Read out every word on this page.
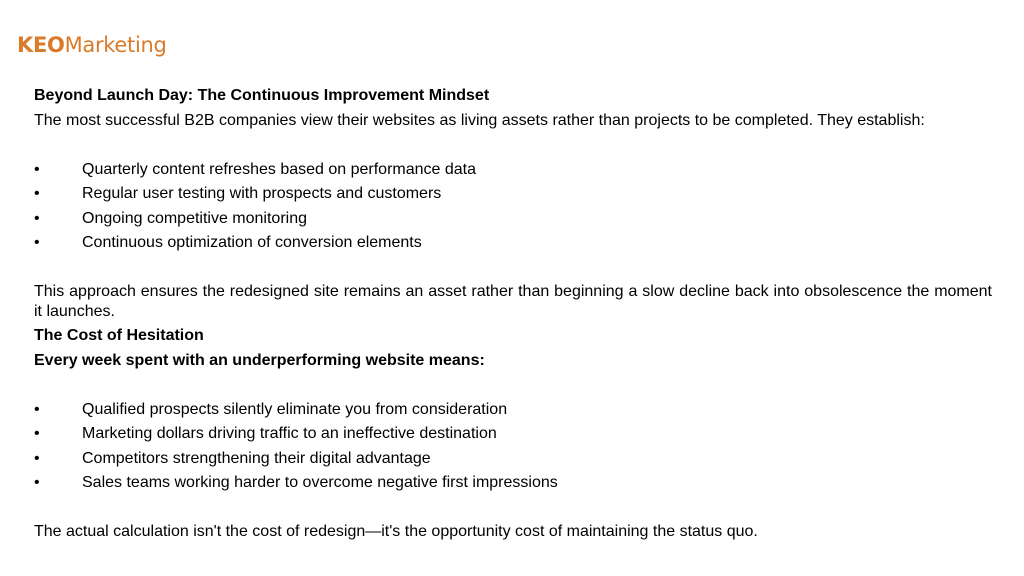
KEOMarketing

Beyond Launch Day: The Continuous Improvement Mindset

The most successful B2B companies view their websites as living assets rather than projects to be completed. They establish:

•	Quarterly content refreshes based on performance data
•	Regular user testing with prospects and customers
•	Ongoing competitive monitoring
•	Continuous optimization of conversion elements

This approach ensures the redesigned site remains an asset rather than beginning a slow decline back into obsolescence the moment it launches.

The Cost of Hesitation

Every week spent with an underperforming website means:

•	Qualified prospects silently eliminate you from consideration
•	Marketing dollars driving traffic to an ineffective destination
•	Competitors strengthening their digital advantage
•	Sales teams working harder to overcome negative first impressions

The actual calculation isn't the cost of redesign—it's the opportunity cost of maintaining the status quo.
